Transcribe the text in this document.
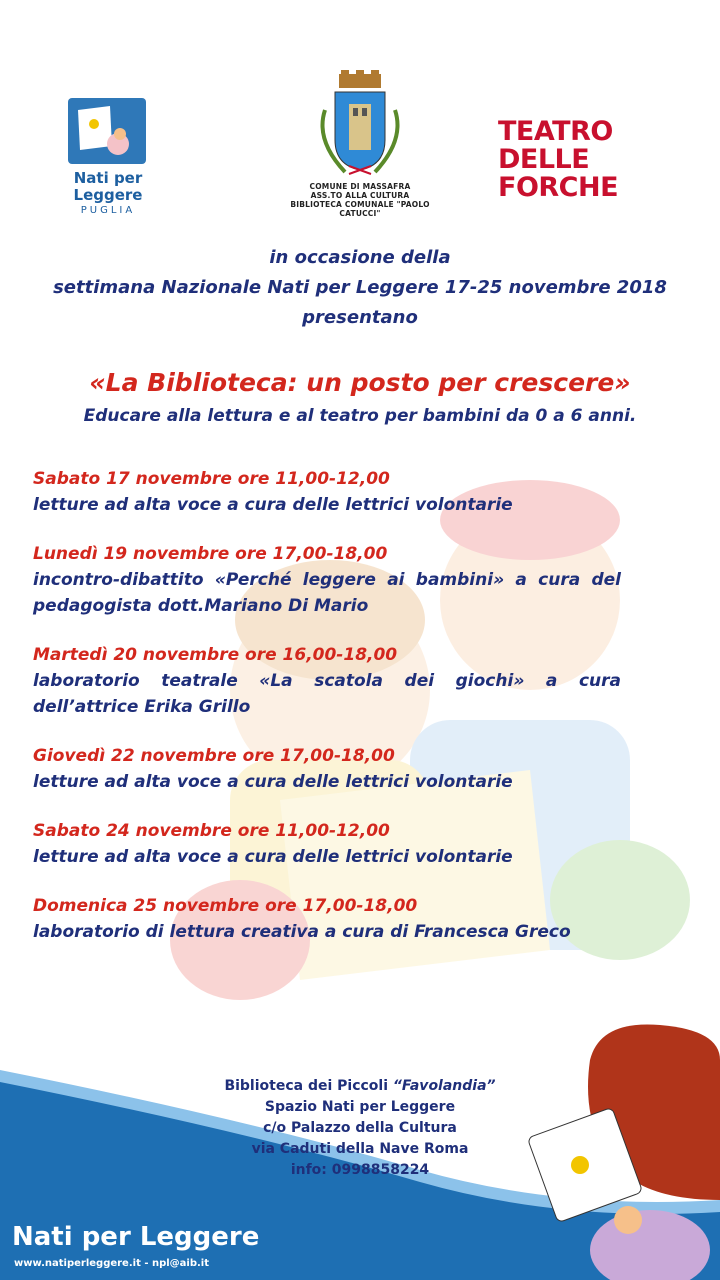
Nati per
Leggere
PUGLIA
COMUNE DI MASSAFRA
ASS.TO ALLA CULTURA
BIBLIOTECA COMUNALE "PAOLO CATUCCI"
TEATRO
DELLE
FORCHE
in occasione della
settimana Nazionale Nati per Leggere 17-25 novembre 2018
presentano
«La Biblioteca: un posto per crescere»
Educare alla lettura e al teatro per bambini da 0 a 6 anni.
Sabato 17 novembre ore 11,00-12,00
letture ad alta voce a cura delle lettrici volontarie
Lunedì 19 novembre ore 17,00-18,00
incontro-dibattito «Perché leggere ai bambini» a cura del pedagogista dott.Mariano Di Mario
Martedì 20 novembre ore 16,00-18,00
laboratorio teatrale «La scatola dei giochi» a cura dell’attrice Erika Grillo
Giovedì 22 novembre ore 17,00-18,00
letture ad alta voce a cura delle lettrici volontarie
Sabato 24 novembre ore 11,00-12,00
letture ad alta voce a cura delle lettrici volontarie
Domenica 25 novembre ore 17,00-18,00
laboratorio di lettura creativa a cura di Francesca Greco
Biblioteca dei Piccoli “Favolandia”
Spazio Nati per Leggere
c/o Palazzo della Cultura
via Caduti della Nave Roma
info: 0998858224
Nati per Leggere
www.natiperleggere.it - npl@aib.it
